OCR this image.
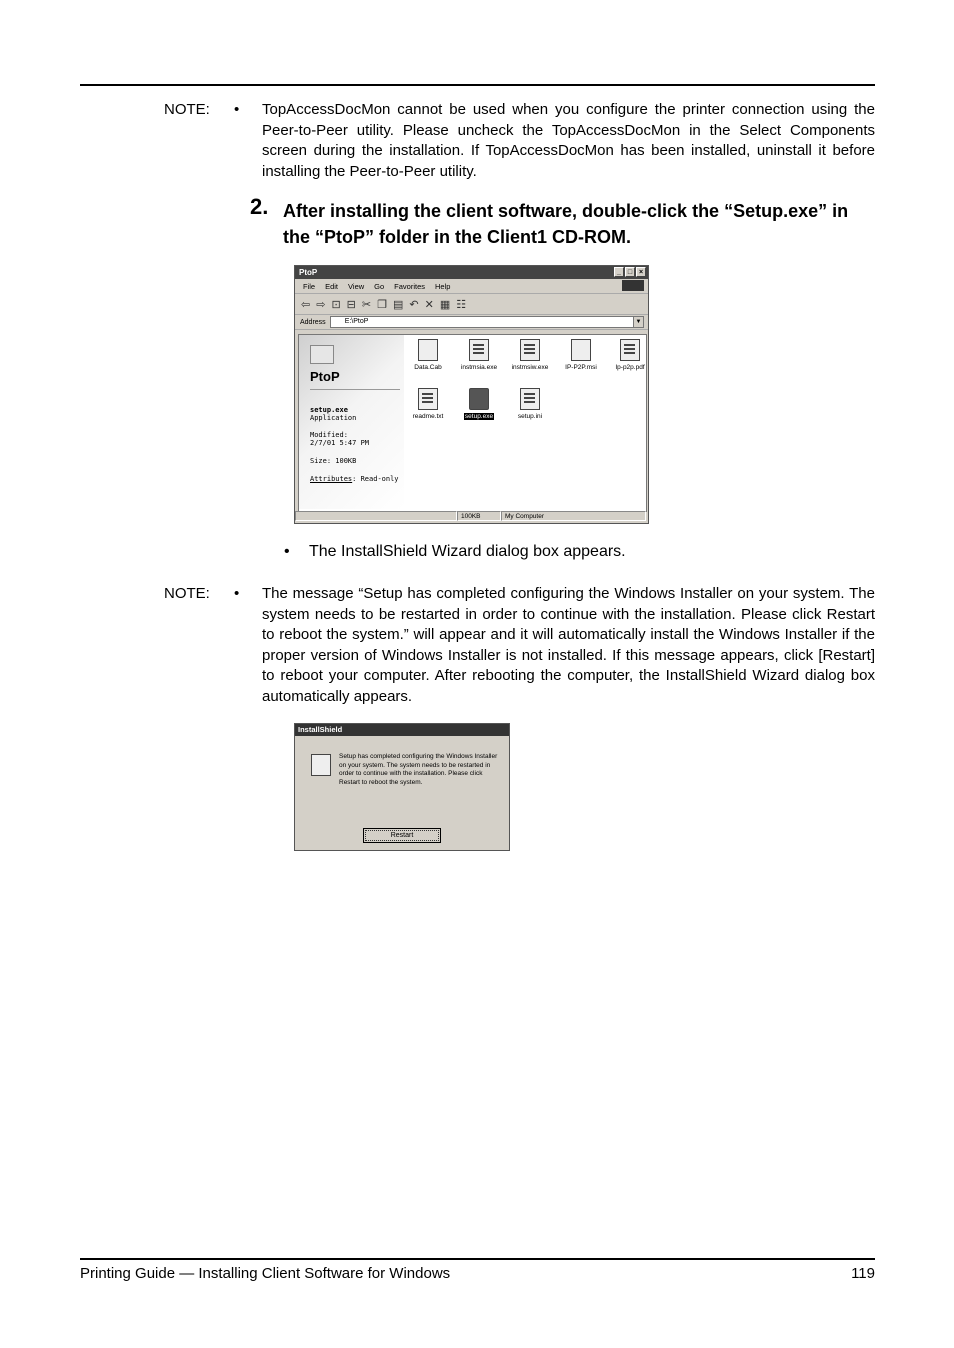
NOTE: • TopAccessDocMon cannot be used when you configure the printer connection using the Peer-to-Peer utility. Please uncheck the TopAccessDocMon in the Select Components screen during the installation. If TopAccessDocMon has been installed, uninstall it before installing the Peer-to-Peer utility.
2. After installing the client software, double-click the “Setup.exe” in the “PtoP” folder in the Client1 CD-ROM.
PtoP	_ □ ×
File Edit View Go Favorites Help
⇦ ⇨ ⊡ ⊟ ✂ ❐ ▤ ↶ ✕ ▦ ☷
Address	E:\PtoP	▼
PtoP
setup.exe
Application
Modified:
2/7/01 5:47 PM
Size: 100KB
Attributes: Read-only
Data.Cab	instmsia.exe	instmsiw.exe	IP-P2P.msi	Ip-p2p.pdf
readme.txt	setup.exe	setup.ini
100KB	My Computer
• The InstallShield Wizard dialog box appears.
NOTE: • The message “Setup has completed configuring the Windows Installer on your system. The system needs to be restarted in order to continue with the installation. Please click Restart to reboot the system.” will appear and it will automatically install the Windows Installer if the proper version of Windows Installer is not installed. If this message appears, click [Restart] to reboot your computer. After rebooting the computer, the InstallShield Wizard dialog box automatically appears.
InstallShield
Setup has completed configuring the Windows Installer on your system. The system needs to be restarted in order to continue with the installation. Please click Restart to reboot the system.
Restart
Printing Guide — Installing Client Software for Windows	119
